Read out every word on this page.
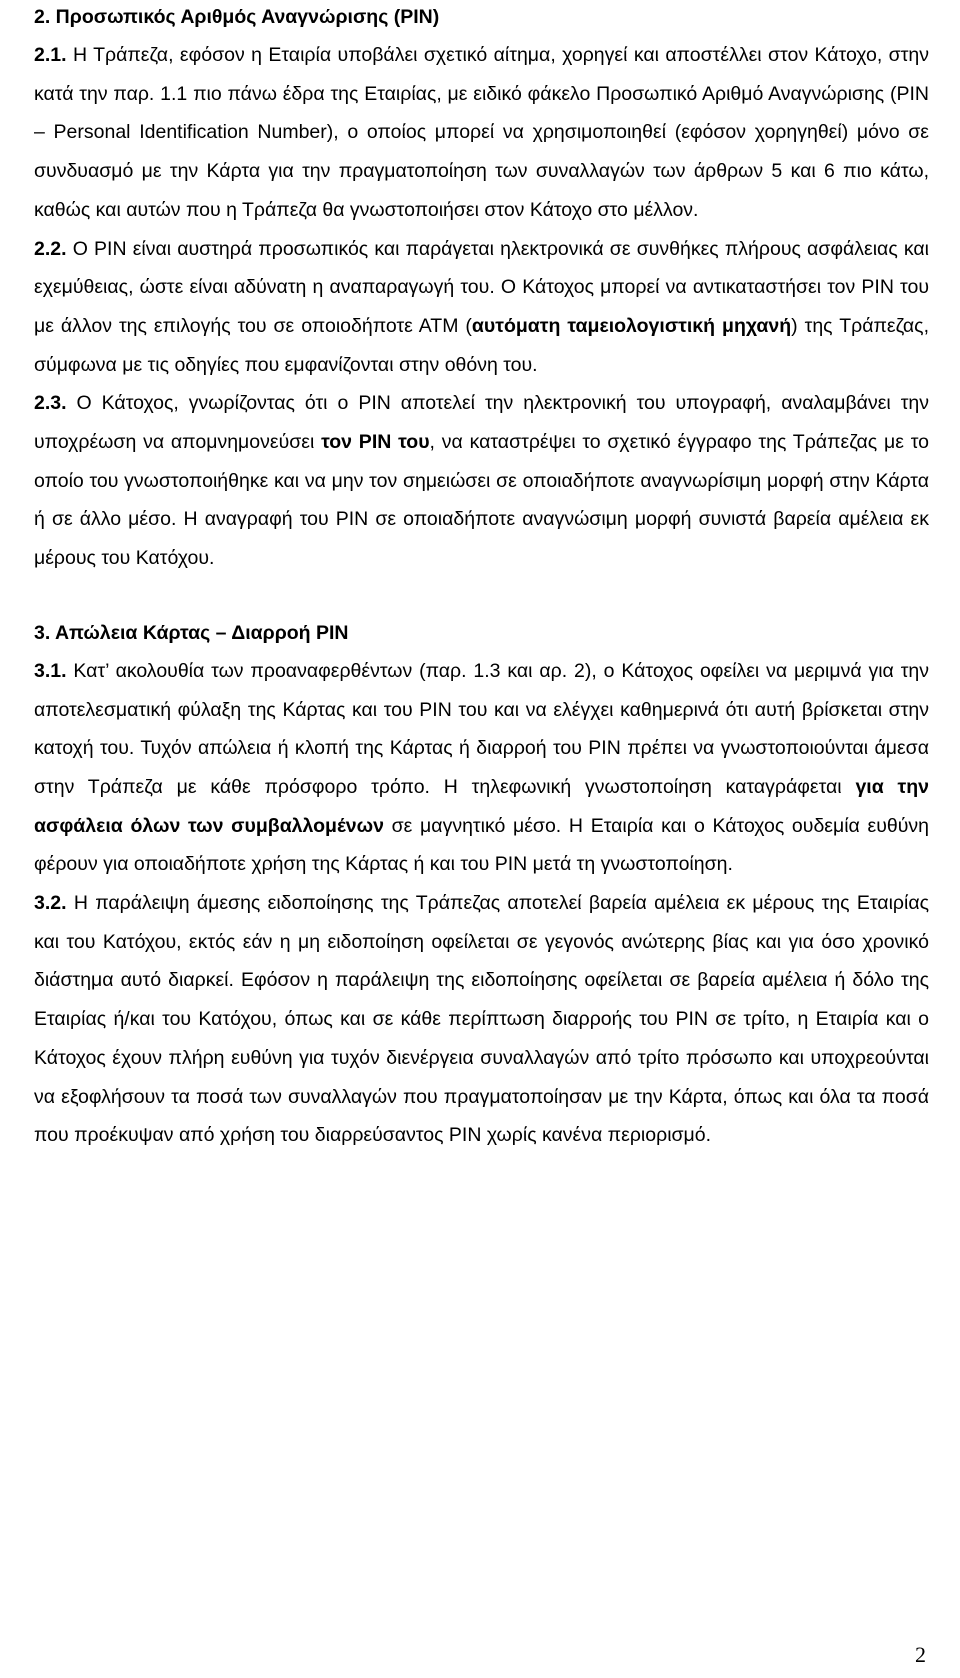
2. Προσωπικός Αριθμός Αναγνώρισης (PIN)

2.1. Η Τράπεζα, εφόσον η Εταιρία υποβάλει σχετικό αίτημα, χορηγεί και αποστέλλει στον Κάτοχο, στην κατά την παρ. 1.1 πιο πάνω έδρα της Εταιρίας, με ειδικό φάκελο Προσωπικό Αριθμό Αναγνώρισης (PIN – Personal Identification Number), ο οποίος μπορεί να χρησιμοποιηθεί (εφόσον χορηγηθεί) μόνο σε συνδυασμό με την Κάρτα για την πραγματοποίηση των συναλλαγών των άρθρων 5 και 6 πιο κάτω, καθώς και αυτών που η Τράπεζα θα γνωστοποιήσει στον Κάτοχο στο μέλλον.

2.2. Ο PIN είναι αυστηρά προσωπικός και παράγεται ηλεκτρονικά σε συνθήκες πλήρους ασφάλειας και εχεμύθειας, ώστε είναι αδύνατη η αναπαραγωγή του. Ο Κάτοχος μπορεί να αντικαταστήσει τον PIN του με άλλον της επιλογής του σε οποιοδήποτε ΑΤΜ (αυτόματη ταμειολογιστική μηχανή) της Τράπεζας, σύμφωνα με τις οδηγίες που εμφανίζονται στην οθόνη του.

2.3. Ο Κάτοχος, γνωρίζοντας ότι ο PIN αποτελεί την ηλεκτρονική του υπογραφή, αναλαμβάνει την υποχρέωση να απομνημονεύσει τον PIN του, να καταστρέψει το σχετικό έγγραφο της Τράπεζας με το οποίο του γνωστοποιήθηκε και να μην τον σημειώσει σε οποιαδήποτε αναγνωρίσιμη μορφή στην Κάρτα ή σε άλλο μέσο. Η αναγραφή του PIN σε οποιαδήποτε αναγνώσιμη μορφή συνιστά βαρεία αμέλεια εκ μέρους του Κατόχου.

3. Απώλεια Κάρτας – Διαρροή PIN

3.1. Κατ’ ακολουθία των προαναφερθέντων (παρ. 1.3 και αρ. 2), ο Κάτοχος οφείλει να μεριμνά για την αποτελεσματική φύλαξη της Κάρτας και του PIN του και να ελέγχει καθημερινά ότι αυτή βρίσκεται στην κατοχή του. Τυχόν απώλεια ή κλοπή της Κάρτας ή διαρροή του PIN πρέπει να γνωστοποιούνται άμεσα στην Τράπεζα με κάθε πρόσφορο τρόπο. Η τηλεφωνική γνωστοποίηση καταγράφεται για την ασφάλεια όλων των συμβαλλομένων σε μαγνητικό μέσο. Η Εταιρία και ο Κάτοχος ουδεμία ευθύνη φέρουν για οποιαδήποτε χρήση της Κάρτας ή και του PIN μετά τη γνωστοποίηση.

3.2. Η παράλειψη άμεσης ειδοποίησης της Τράπεζας αποτελεί βαρεία αμέλεια εκ μέρους της Εταιρίας και του Κατόχου, εκτός εάν η μη ειδοποίηση οφείλεται σε γεγονός ανώτερης βίας και για όσο χρονικό διάστημα αυτό διαρκεί. Εφόσον η παράλειψη της ειδοποίησης οφείλεται σε βαρεία αμέλεια ή δόλο της Εταιρίας ή/και του Κατόχου, όπως και σε κάθε περίπτωση διαρροής του PIN σε τρίτο, η Εταιρία και ο Κάτοχος έχουν πλήρη ευθύνη για τυχόν διενέργεια συναλλαγών από τρίτο πρόσωπο και υποχρεούνται να εξοφλήσουν τα ποσά των συναλλαγών που πραγματοποίησαν με την Κάρτα, όπως και όλα τα ποσά που προέκυψαν από χρήση του διαρρεύσαντος PIN χωρίς κανένα περιορισμό.

2
